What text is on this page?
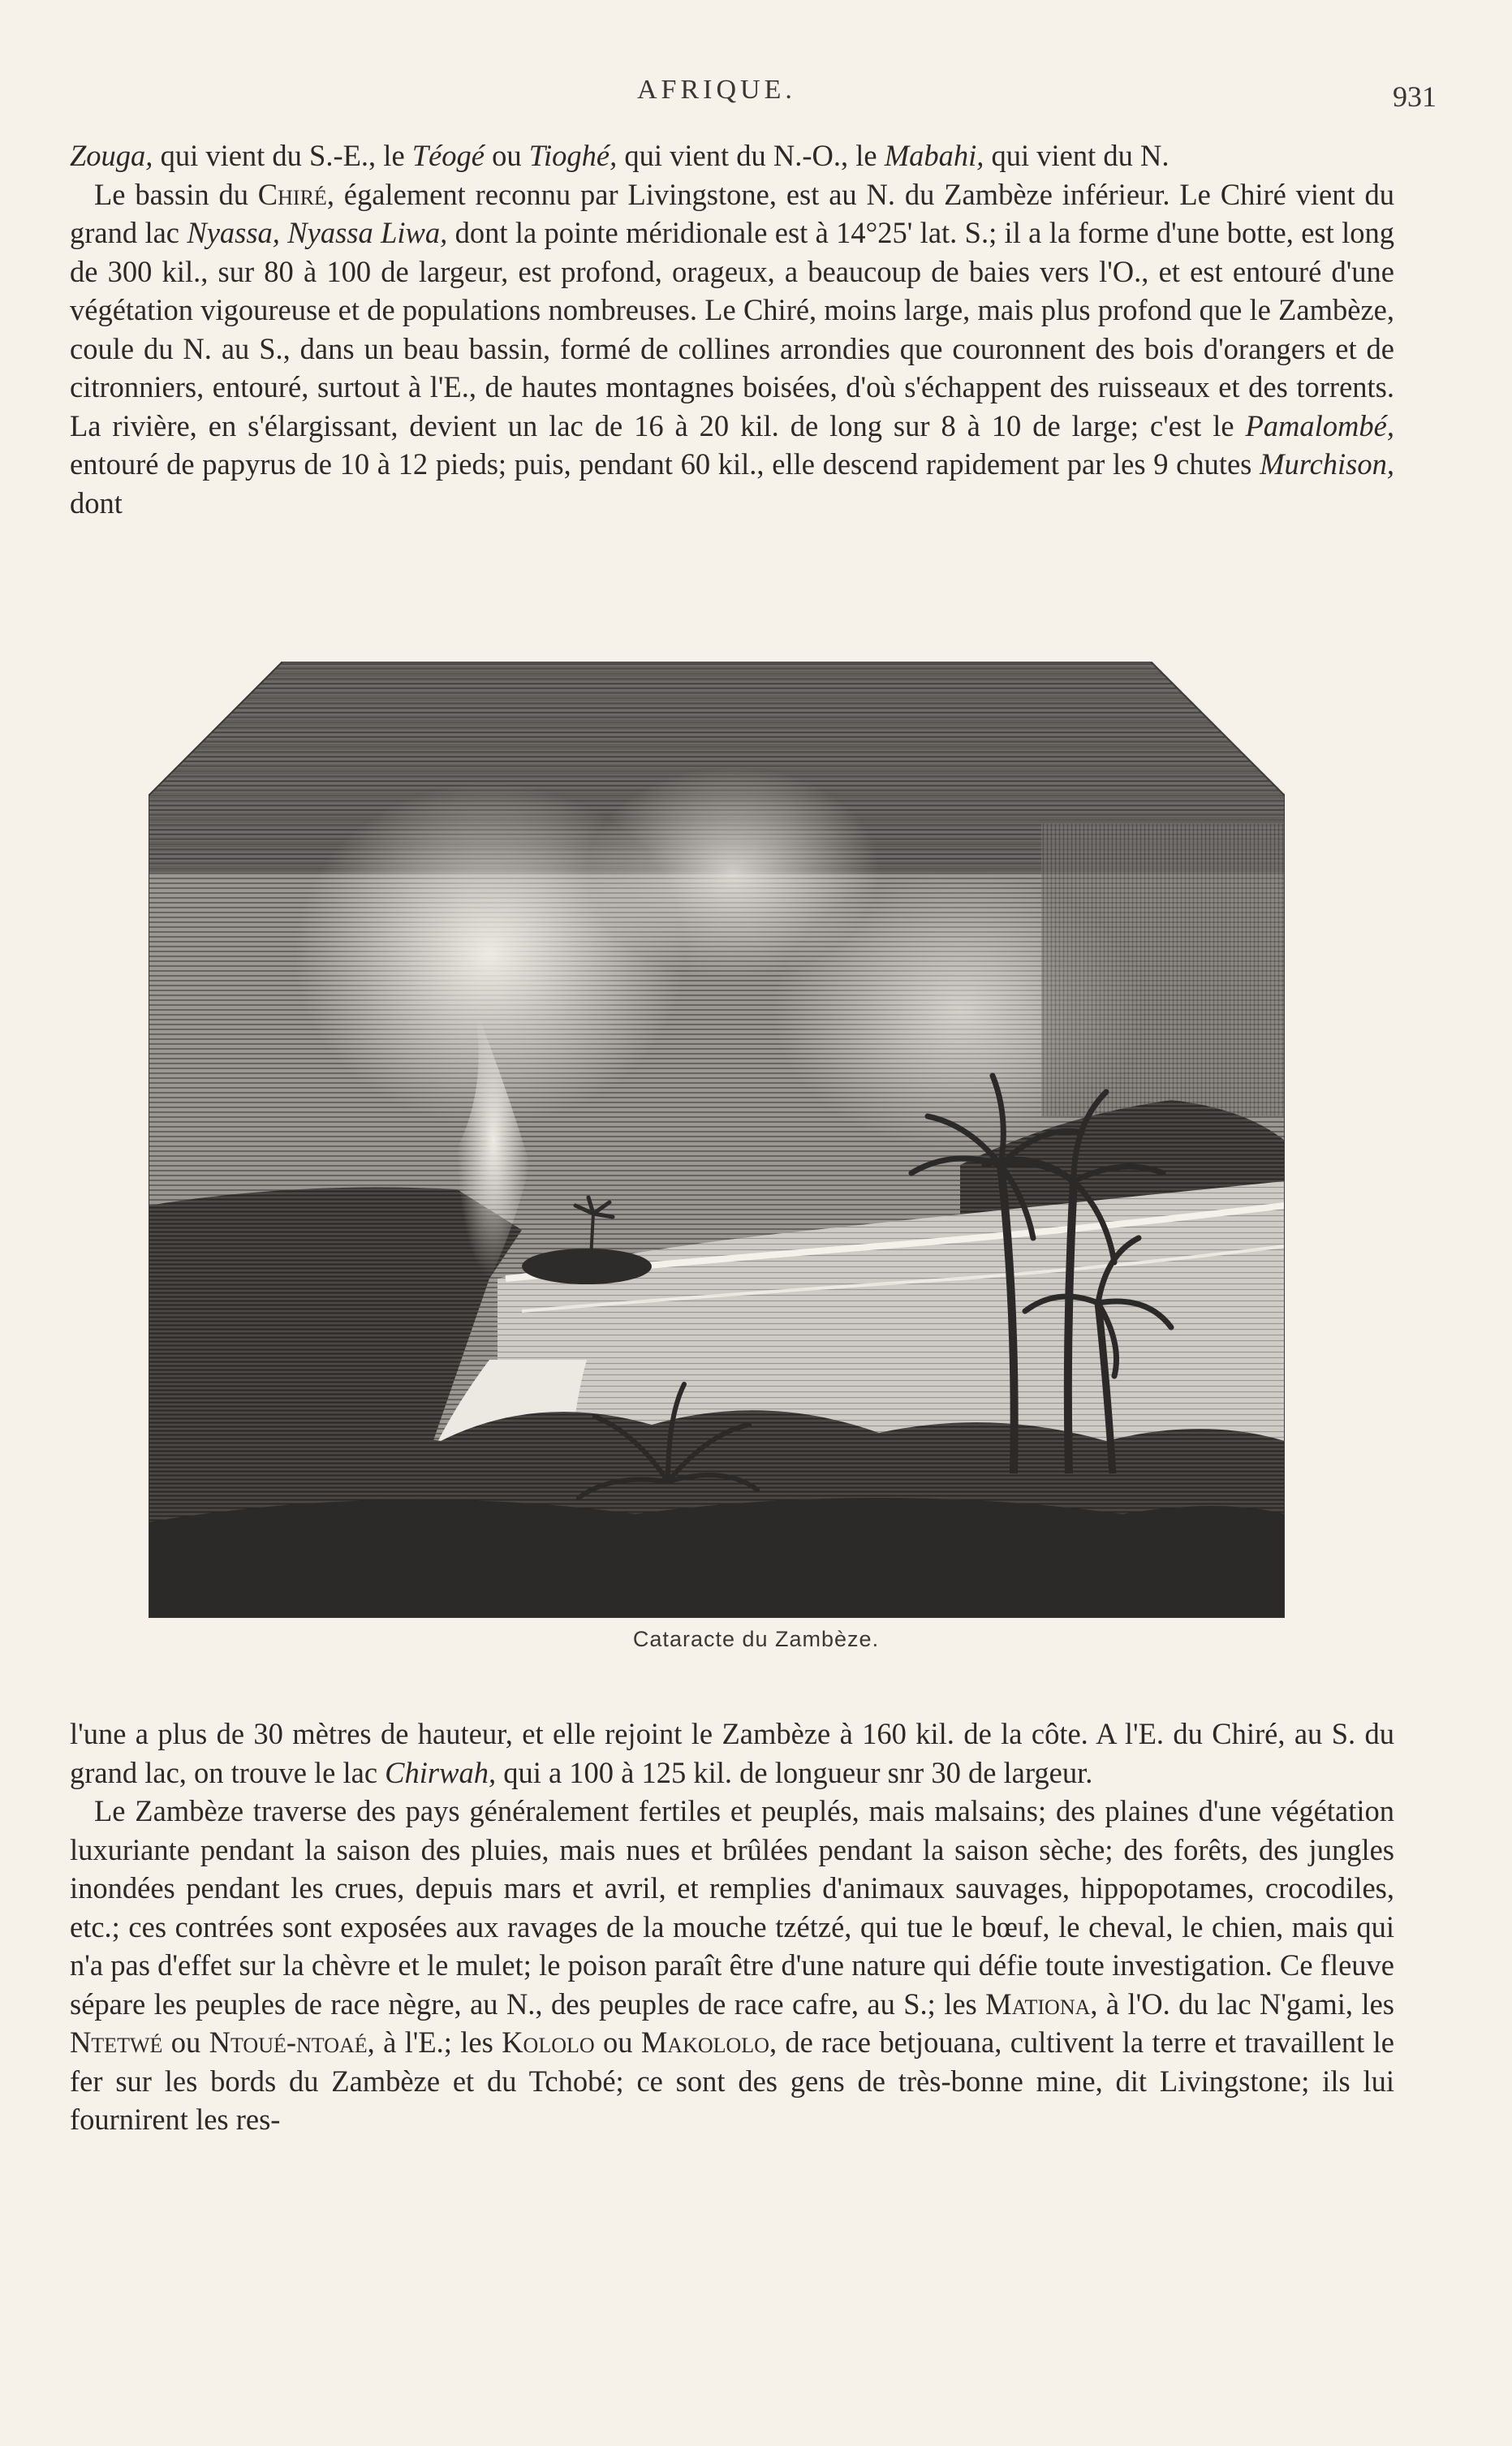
AFRIQUE.	931

Zouga, qui vient du S.-E., le Téogé ou Tioghé, qui vient du N.-O., le Mabahi, qui vient du N.

Le bassin du Chiré, également reconnu par Livingstone, est au N. du Zambèze inférieur. Le Chiré vient du grand lac Nyassa, Nyassa Liwa, dont la pointe méridionale est à 14°25' lat. S.; il a la forme d'une botte, est long de 300 kil., sur 80 à 100 de largeur, est profond, orageux, a beaucoup de baies vers l'O., et est entouré d'une végétation vigoureuse et de populations nombreuses. Le Chiré, moins large, mais plus profond que le Zambèze, coule du N. au S., dans un beau bassin, formé de collines arrondies que couronnent des bois d'orangers et de citronniers, entouré, surtout à l'E., de hautes montagnes boisées, d'où s'échappent des ruisseaux et des torrents. La rivière, en s'élargissant, devient un lac de 16 à 20 kil. de long sur 8 à 10 de large; c'est le Pamalombé, entouré de papyrus de 10 à 12 pieds; puis, pendant 60 kil., elle descend rapidement par les 9 chutes Murchison, dont

Cataracte du Zambèze.

l'une a plus de 30 mètres de hauteur, et elle rejoint le Zambèze à 160 kil. de la côte. A l'E. du Chiré, au S. du grand lac, on trouve le lac Chirwah, qui a 100 à 125 kil. de longueur snr 30 de largeur.

Le Zambèze traverse des pays généralement fertiles et peuplés, mais malsains; des plaines d'une végétation luxuriante pendant la saison des pluies, mais nues et brûlées pendant la saison sèche; des forêts, des jungles inondées pendant les crues, depuis mars et avril, et remplies d'animaux sauvages, hippopotames, crocodiles, etc.; ces contrées sont exposées aux ravages de la mouche tzétzé, qui tue le bœuf, le cheval, le chien, mais qui n'a pas d'effet sur la chèvre et le mulet; le poison paraît être d'une nature qui défie toute investigation. Ce fleuve sépare les peuples de race nègre, au N., des peuples de race cafre, au S.; les Mationa, à l'O. du lac N'gami, les Ntetwé ou Ntoué-ntoaé, à l'E.; les Kololo ou Makololo, de race betjouana, cultivent la terre et travaillent le fer sur les bords du Zambèze et du Tchobé; ce sont des gens de très-bonne mine, dit Livingstone; ils lui fournirent les res-
